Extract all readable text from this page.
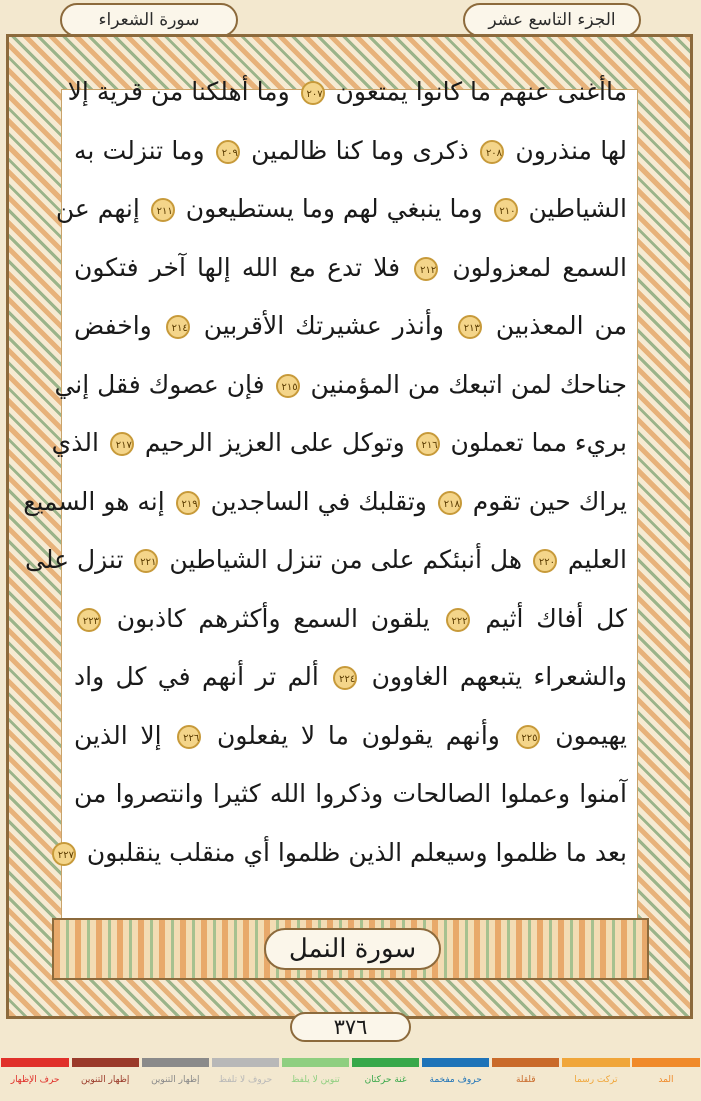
الجزء التاسع عشر
سورة الشعراء
ماأغنى عنهم ما كانوا يمتعون ٢٠٧ وما أهلكنا من قرية إلا
لها منذرون ٢٠٨ ذكرى وما كنا ظالمين ٢٠٩ وما تنزلت به
الشياطين ٢١٠ وما ينبغي لهم وما يستطيعون ٢١١ إنهم عن
السمع لمعزولون ٢١٢ فلا تدع مع الله إلها آخر فتكون
من المعذبين ٢١٣ وأنذر عشيرتك الأقربين ٢١٤ واخفض
جناحك لمن اتبعك من المؤمنين ٢١٥ فإن عصوك فقل إني
بريء مما تعملون ٢١٦ وتوكل على العزيز الرحيم ٢١٧ الذي
يراك حين تقوم ٢١٨ وتقلبك في الساجدين ٢١٩ إنه هو السميع
العليم ٢٢٠ هل أنبئكم على من تنزل الشياطين ٢٢١ تنزل على
كل أفاك أثيم ٢٢٢ يلقون السمع وأكثرهم كاذبون ٢٢٣
والشعراء يتبعهم الغاوون ٢٢٤ ألم تر أنهم في كل واد
يهيمون ٢٢٥ وأنهم يقولون ما لا يفعلون ٢٢٦ إلا الذين
آمنوا وعملوا الصالحات وذكروا الله كثيرا وانتصروا من
بعد ما ظلموا وسيعلم الذين ظلموا أي منقلب ينقلبون ٢٢٧
سورة النمل
٣٧٦
المد
تركت رسما
قلقلة
حروف مفخمة
غنة حركتان
تنوين لا يلفظ
حروف لا تلفظ
إظهار التنوين
إظهار التنوين
حرف الإظهار
